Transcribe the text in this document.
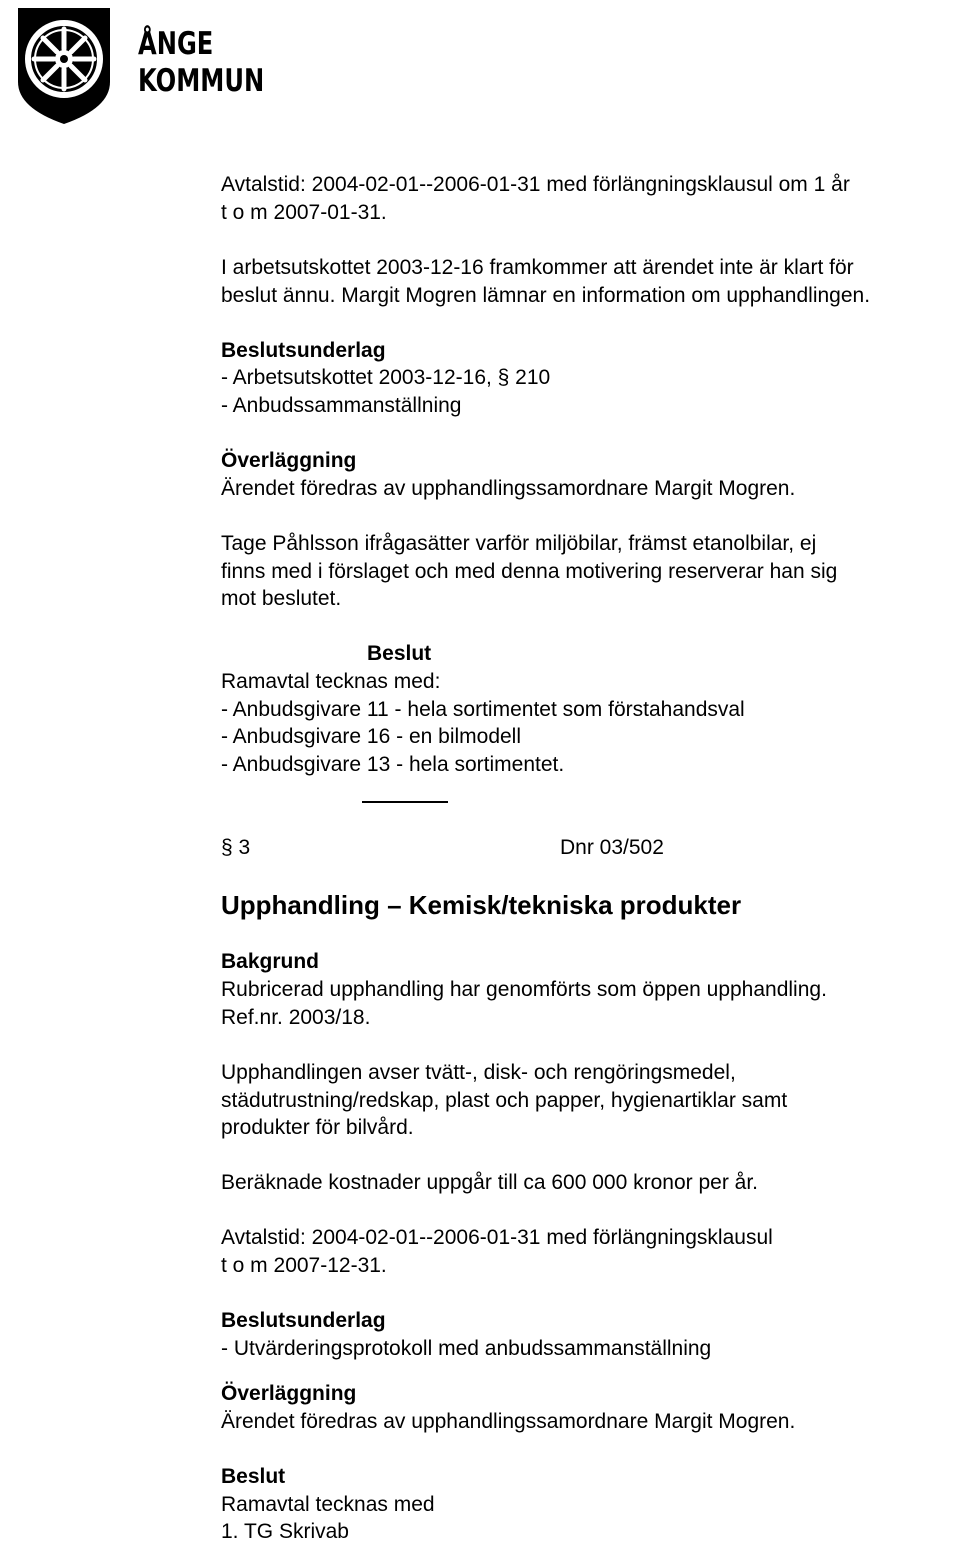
ÅNGE
KOMMUN
Avtalstid: 2004-02-01--2006-01-31 med förlängningsklausul om 1 år
t o m 2007-01-31.
I arbetsutskottet 2003-12-16 framkommer att ärendet inte är klart för
beslut ännu. Margit Mogren lämnar en information om upphandlingen.
Beslutsunderlag
- Arbetsutskottet 2003-12-16, § 210
- Anbudssammanställning
Överläggning
Ärendet föredras av upphandlingssamordnare Margit Mogren.
Tage Påhlsson ifrågasätter varför miljöbilar, främst etanolbilar, ej
finns med i förslaget och med denna motivering reserverar han sig
mot beslutet.
Beslut
Ramavtal tecknas med:
- Anbudsgivare 11 - hela sortimentet som förstahandsval
- Anbudsgivare 16 - en bilmodell
- Anbudsgivare 13 - hela sortimentet.
§ 3	Dnr 03/502
Upphandling – Kemisk/tekniska produkter
Bakgrund
Rubricerad upphandling har genomförts som öppen upphandling.
Ref.nr. 2003/18.
Upphandlingen avser tvätt-, disk- och rengöringsmedel,
städutrustning/redskap, plast och papper, hygienartiklar samt
produkter för bilvård.
Beräknade kostnader uppgår till ca 600 000 kronor per år.
Avtalstid: 2004-02-01--2006-01-31 med förlängningsklausul
t o m 2007-12-31.
Beslutsunderlag
- Utvärderingsprotokoll med anbudssammanställning
Överläggning
Ärendet föredras av upphandlingssamordnare Margit Mogren.
Beslut
Ramavtal tecknas med
1. TG Skrivab
